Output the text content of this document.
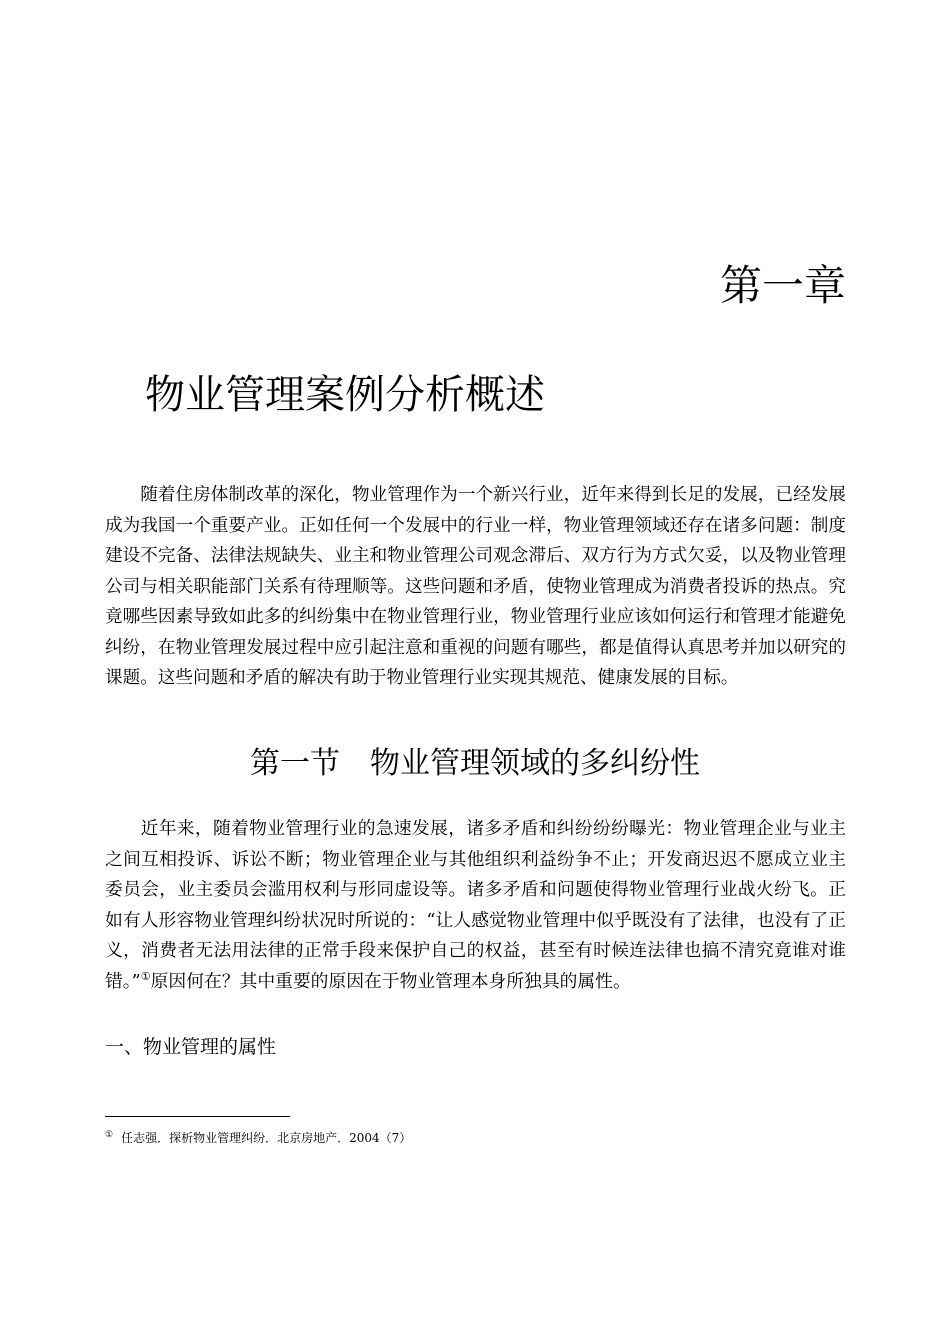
第一章
物业管理案例分析概述

随着住房体制改革的深化，物业管理作为一个新兴行业，近年来得到长足的发展，已经发展成为我国一个重要产业。正如任何一个发展中的行业一样，物业管理领域还存在诸多问题：制度建设不完备、法律法规缺失、业主和物业管理公司观念滞后、双方行为方式欠妥，以及物业管理公司与相关职能部门关系有待理顺等。这些问题和矛盾，使物业管理成为消费者投诉的热点。究竟哪些因素导致如此多的纠纷集中在物业管理行业，物业管理行业应该如何运行和管理才能避免纠纷，在物业管理发展过程中应引起注意和重视的问题有哪些，都是值得认真思考并加以研究的课题。这些问题和矛盾的解决有助于物业管理行业实现其规范、健康发展的目标。

第一节　物业管理领域的多纠纷性

近年来，随着物业管理行业的急速发展，诸多矛盾和纠纷纷纷曝光：物业管理企业与业主之间互相投诉、诉讼不断；物业管理企业与其他组织利益纷争不止；开发商迟迟不愿成立业主委员会，业主委员会滥用权利与形同虚设等。诸多矛盾和问题使得物业管理行业战火纷飞。正如有人形容物业管理纠纷状况时所说的：“让人感觉物业管理中似乎既没有了法律，也没有了正义，消费者无法用法律的正常手段来保护自己的权益，甚至有时候连法律也搞不清究竟谁对谁错。”①原因何在？其中重要的原因在于物业管理本身所独具的属性。

一、物业管理的属性
① 任志强．探析物业管理纠纷．北京房地产．2004（7）
